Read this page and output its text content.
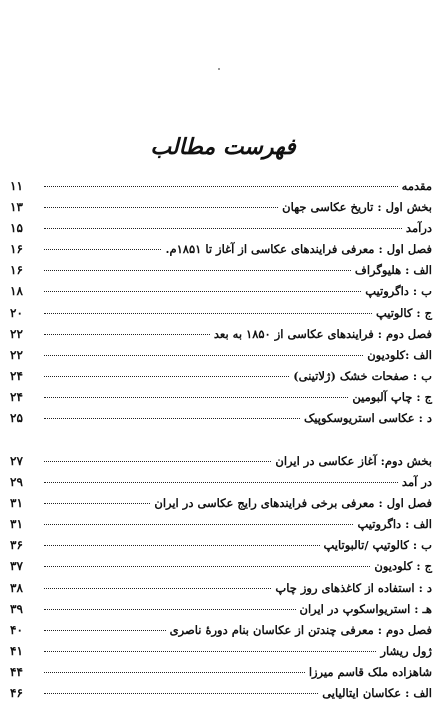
فهرست مطالب
مقدمه
۱۱
بخش اول : تاریخ عکاسی جهان
۱۳
درآمد
۱۵
فصل اول : معرفی فرایندهای عکاسی از آغاز تا ۱۸۵۱م.
۱۶
الف : هلیوگراف
۱۶
ب : داگروتیپ
۱۸
ج : کالوتیپ
۲۰
فصل دوم : فرایندهای عکاسی از ۱۸۵۰ به بعد
۲۲
الف :کلودیون
۲۲
ب : صفحات خشک (ژلاتینی)
۲۴
ج : چاپ آلبومین
۲۴
د : عکاسی استریوسکوپیک
۲۵
بخش دوم: آغاز عکاسی در ایران
۲۷
در آمد
۲۹
فصل اول : معرفی برخی فرایندهای رایج عکاسی در ایران
۳۱
الف : داگروتیپ
۳۱
ب : کالوتیپ /تالبوتایپ
۳۶
ج : کلودیون
۳۷
د : استفاده از کاغذهای روز چاپ
۳۸
هـ : استریواسکوپ در ایران
۳۹
فصل دوم : معرفی چندتن از عکاسان بنام دورهٔ ناصری
۴۰
ژول ریشار
۴۱
شاهزاده ملک قاسم میرزا
۴۴
الف : عکاسان ایتالیایی
۴۶
